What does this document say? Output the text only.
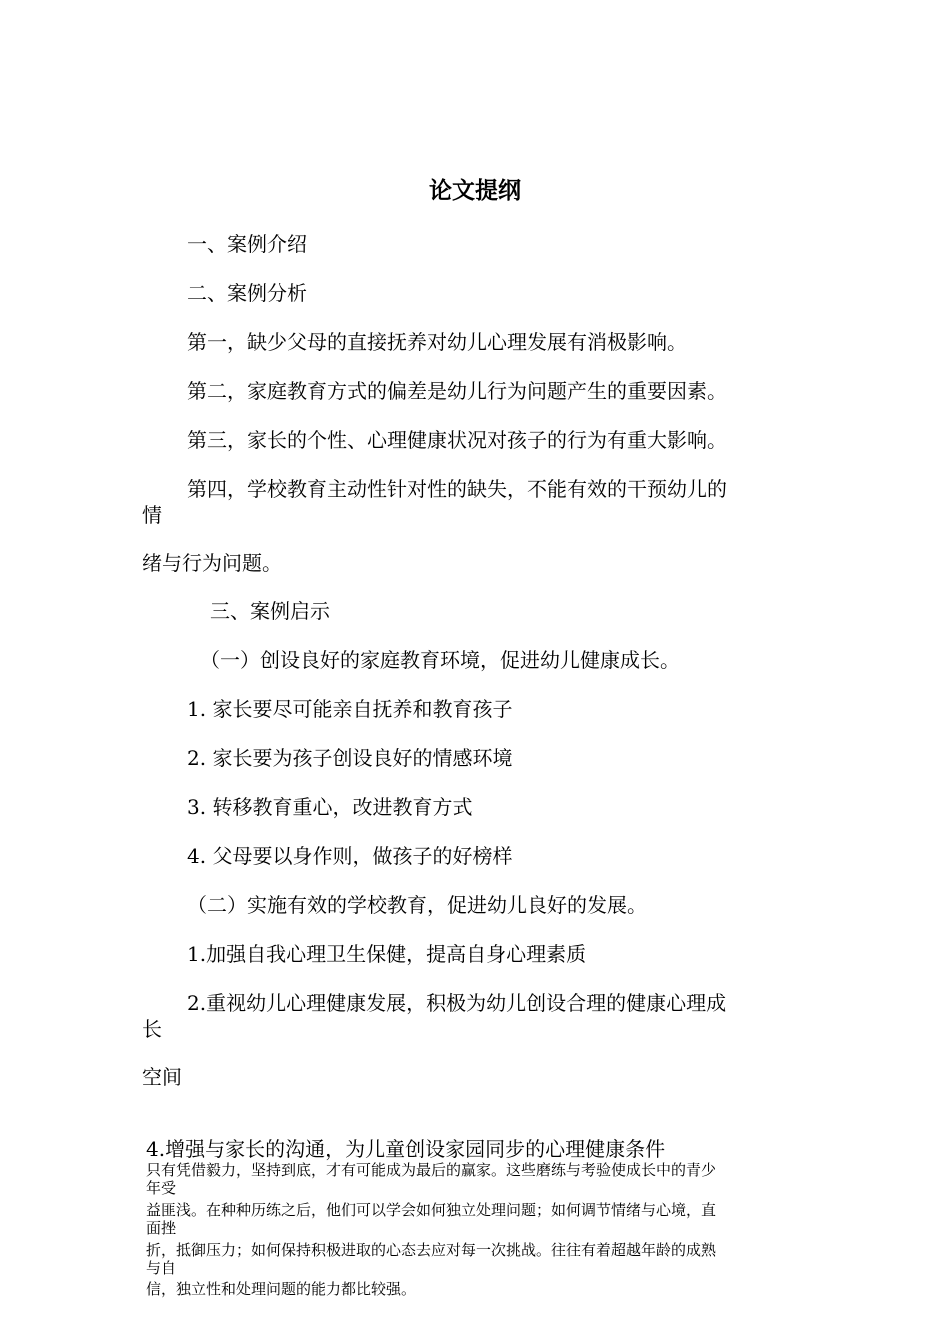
论文提纲
一、案例介绍
二、案例分析
第一，缺少父母的直接抚养对幼儿心理发展有消极影响。
第二，家庭教育方式的偏差是幼儿行为问题产生的重要因素。
第三，家长的个性、心理健康状况对孩子的行为有重大影响。
第四，学校教育主动性针对性的缺失，不能有效的干预幼儿的
情
绪与行为问题。
三、案例启示
（一）创设良好的家庭教育环境，促进幼儿健康成长。
1. 家长要尽可能亲自抚养和教育孩子
2. 家长要为孩子创设良好的情感环境
3. 转移教育重心，改进教育方式
4. 父母要以身作则，做孩子的好榜样
（二）实施有效的学校教育，促进幼儿良好的发展。
1.加强自我心理卫生保健，提高自身心理素质
2.重视幼儿心理健康发展，积极为幼儿创设合理的健康心理成
长
空间
4.增强与家长的沟通，为儿童创设家园同步的心理健康条件
只有凭借毅力，坚持到底，才有可能成为最后的赢家。这些磨练与考验使成长中的青少
年受
益匪浅。在种种历练之后，他们可以学会如何独立处理问题；如何调节情绪与心境，直
面挫
折，抵御压力；如何保持积极进取的心态去应对每一次挑战。往往有着超越年龄的成熟
与自
信，独立性和处理问题的能力都比较强。
